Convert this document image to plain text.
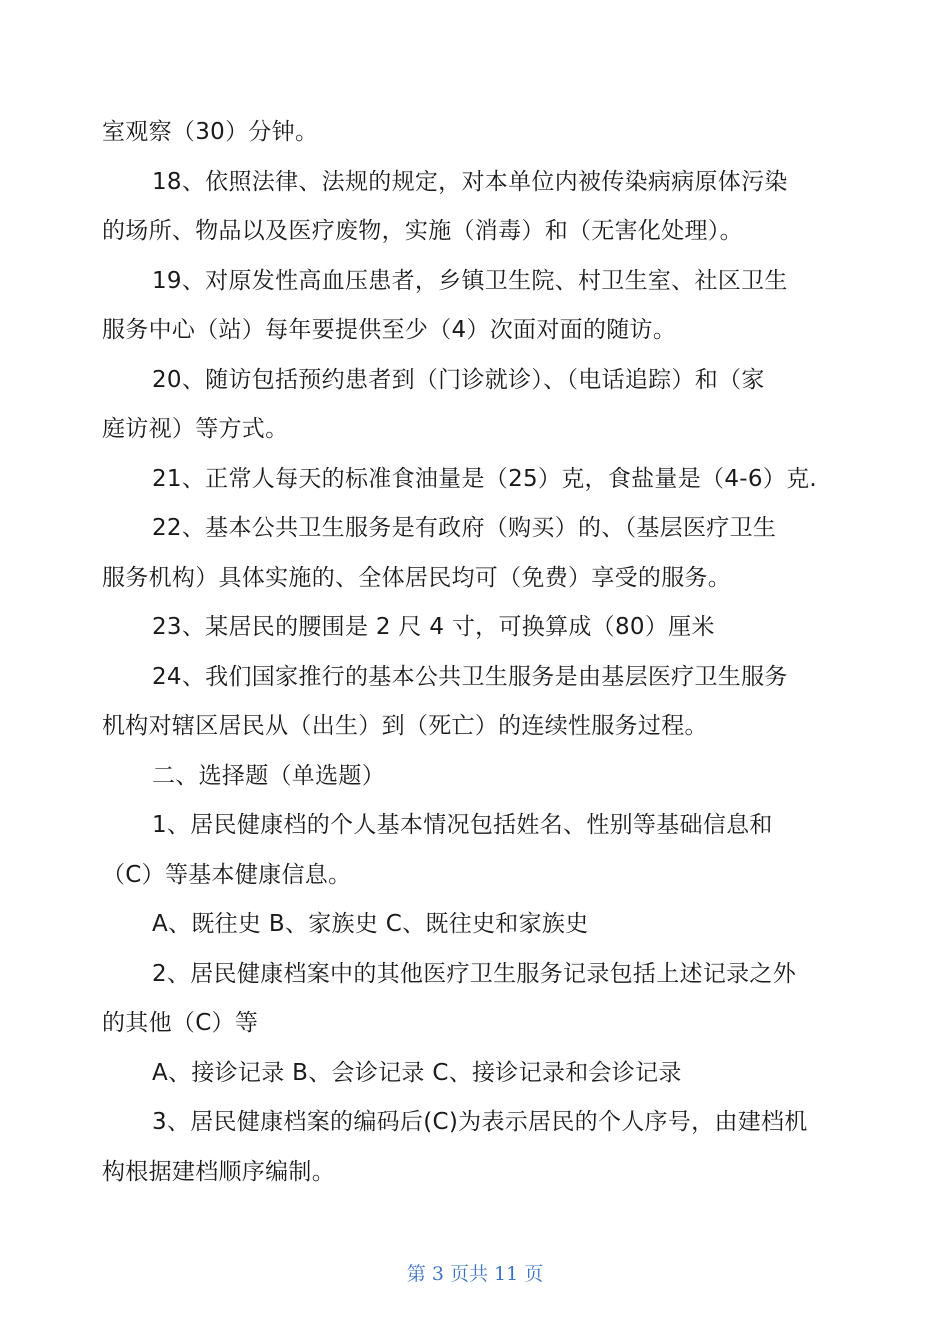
室观察（30）分钟。
18、依照法律、法规的规定，对本单位内被传染病病原体污染
的场所、物品以及医疗废物，实施（消毒）和（无害化处理）。
19、对原发性高血压患者，乡镇卫生院、村卫生室、社区卫生
服务中心（站）每年要提供至少（4）次面对面的随访。
20、随访包括预约患者到（门诊就诊）、（电话追踪）和（家
庭访视）等方式。
21、正常人每天的标准食油量是（25）克，食盐量是（4-6）克.
22、基本公共卫生服务是有政府（购买）的、（基层医疗卫生
服务机构）具体实施的、全体居民均可（免费）享受的服务。
23、某居民的腰围是 2 尺 4 寸，可换算成（80）厘米
24、我们国家推行的基本公共卫生服务是由基层医疗卫生服务
机构对辖区居民从（出生）到（死亡）的连续性服务过程。
二、选择题（单选题）
1、居民健康档的个人基本情况包括姓名、性别等基础信息和
（C）等基本健康信息。
A、既往史 B、家族史 C、既往史和家族史
2、居民健康档案中的其他医疗卫生服务记录包括上述记录之外
的其他（C）等
A、接诊记录 B、会诊记录 C、接诊记录和会诊记录
3、居民健康档案的编码后(C)为表示居民的个人序号，由建档机
构根据建档顺序编制。
第 3 页共 11 页
